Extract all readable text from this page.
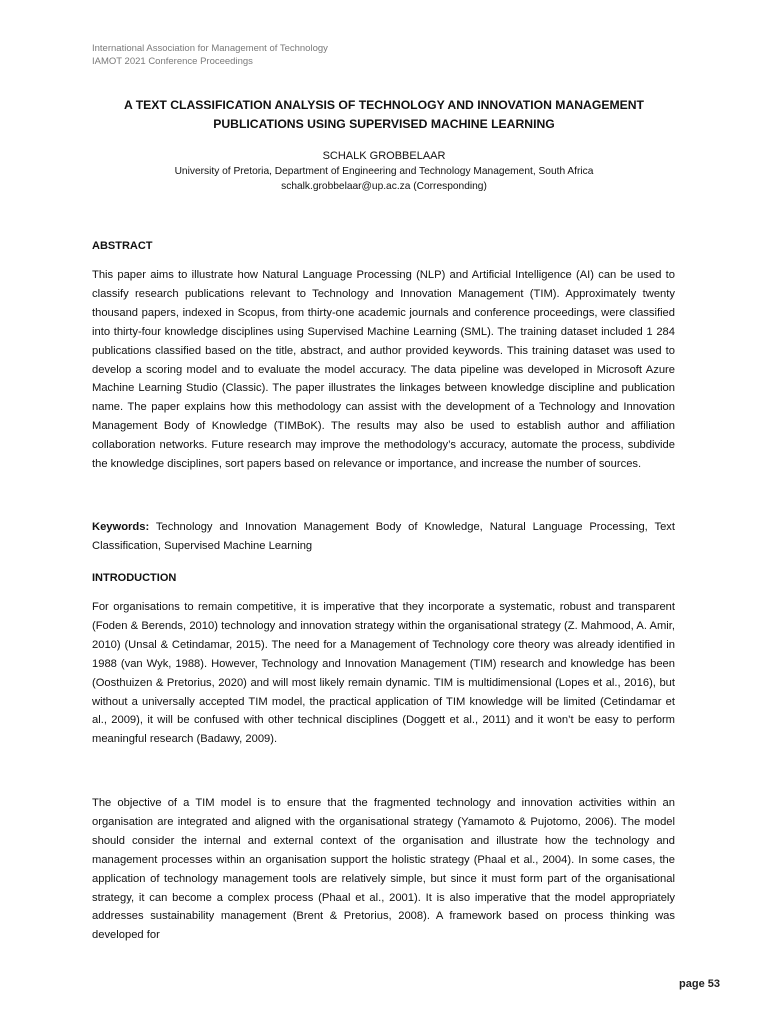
International Association for Management of Technology
IAMOT 2021 Conference Proceedings
A TEXT CLASSIFICATION ANALYSIS OF TECHNOLOGY AND INNOVATION MANAGEMENT PUBLICATIONS USING SUPERVISED MACHINE LEARNING
SCHALK GROBBELAAR
University of Pretoria, Department of Engineering and Technology Management, South Africa
schalk.grobbelaar@up.ac.za (Corresponding)
ABSTRACT

This paper aims to illustrate how Natural Language Processing (NLP) and Artificial Intelligence (AI) can be used to classify research publications relevant to Technology and Innovation Management (TIM). Approximately twenty thousand papers, indexed in Scopus, from thirty-one academic journals and conference proceedings, were classified into thirty-four knowledge disciplines using Supervised Machine Learning (SML). The training dataset included 1 284 publications classified based on the title, abstract, and author provided keywords. This training dataset was used to develop a scoring model and to evaluate the model accuracy. The data pipeline was developed in Microsoft Azure Machine Learning Studio (Classic). The paper illustrates the linkages between knowledge discipline and publication name. The paper explains how this methodology can assist with the development of a Technology and Innovation Management Body of Knowledge (TIMBoK). The results may also be used to establish author and affiliation collaboration networks. Future research may improve the methodology’s accuracy, automate the process, subdivide the knowledge disciplines, sort papers based on relevance or importance, and increase the number of sources.

Keywords: Technology and Innovation Management Body of Knowledge, Natural Language Processing, Text Classification, Supervised Machine Learning

INTRODUCTION

For organisations to remain competitive, it is imperative that they incorporate a systematic, robust and transparent (Foden & Berends, 2010) technology and innovation strategy within the organisational strategy (Z. Mahmood, A. Amir, 2010) (Unsal & Cetindamar, 2015). The need for a Management of Technology core theory was already identified in 1988 (van Wyk, 1988). However, Technology and Innovation Management (TIM) research and knowledge has been (Oosthuizen & Pretorius, 2020) and will most likely remain dynamic. TIM is multidimensional (Lopes et al., 2016), but without a universally accepted TIM model, the practical application of TIM knowledge will be limited (Cetindamar et al., 2009), it will be confused with other technical disciplines (Doggett et al., 2011) and it won’t be easy to perform meaningful research (Badawy, 2009).

The objective of a TIM model is to ensure that the fragmented technology and innovation activities within an organisation are integrated and aligned with the organisational strategy (Yamamoto & Pujotomo, 2006). The model should consider the internal and external context of the organisation and illustrate how the technology and management processes within an organisation support the holistic strategy (Phaal et al., 2004). In some cases, the application of technology management tools are relatively simple, but since it must form part of the organisational strategy, it can become a complex process (Phaal et al., 2001). It is also imperative that the model appropriately addresses sustainability management (Brent & Pretorius, 2008). A framework based on process thinking was developed for

page 53
